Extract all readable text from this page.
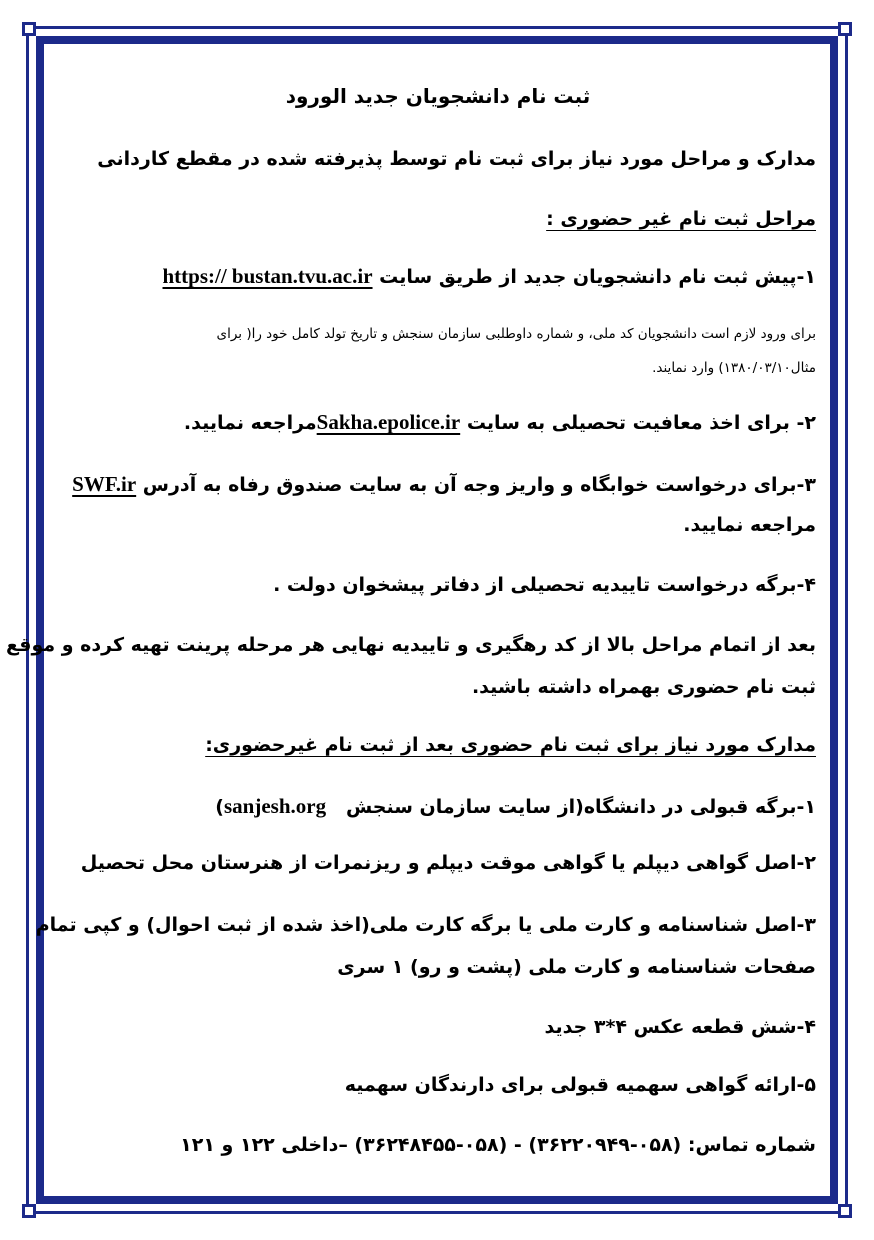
ثبت نام دانشجویان جدید الورود
مدارک و مراحل مورد نیاز برای ثبت نام توسط پذیرفته شده در مقطع کاردانی
مراحل ثبت نام غیر حضوری :
۱-پیش ثبت نام دانشجویان جدید از طریق سایت https:// bustan.tvu.ac.ir
برای ورود لازم است دانشجویان کد ملی، و شماره داوطلبی سازمان سنجش و تاریخ تولد کامل خود را( برای
مثال۱۳۸۰/۰۳/۱۰) وارد نمایند.
۲- برای اخذ معافیت تحصیلی به سایت Sakha.epolice.irمراجعه نمایید.
۳-برای درخواست خوابگاه و واریز وجه آن به سایت صندوق رفاه به آدرس SWF.ir
مراجعه نمایید.
۴-برگه درخواست تاییدیه تحصیلی از دفاتر پیشخوان دولت .
بعد از اتمام مراحل بالا از کد رهگیری و تاییدیه نهایی هر مرحله پرینت تهیه کرده و موقع
ثبت نام حضوری بهمراه داشته باشید.
مدارک مورد نیاز برای ثبت نام حضوری بعد از ثبت نام غیرحضوری:
۱-برگه قبولی در دانشگاه(از سایت سازمان سنجش   sanjesh.org)
۲-اصل گواهی دیپلم یا گواهی موقت دیپلم و ریزنمرات از هنرستان محل تحصیل
۳-اصل شناسنامه و کارت ملی یا برگه کارت ملی(اخذ شده از ثبت احوال) و کپی تمام
صفحات شناسنامه و کارت ملی (پشت و رو) ۱ سری
۴-شش قطعه عکس ۴*۳ جدید
۵-ارائه گواهی سهمیه قبولی برای دارندگان سهمیه
شماره تماس: (۰۵۸-۳۶۲۲۰۹۴۹) - (۰۵۸-۳۶۲۴۸۴۵۵) –داخلی ۱۲۲ و ۱۲۱
